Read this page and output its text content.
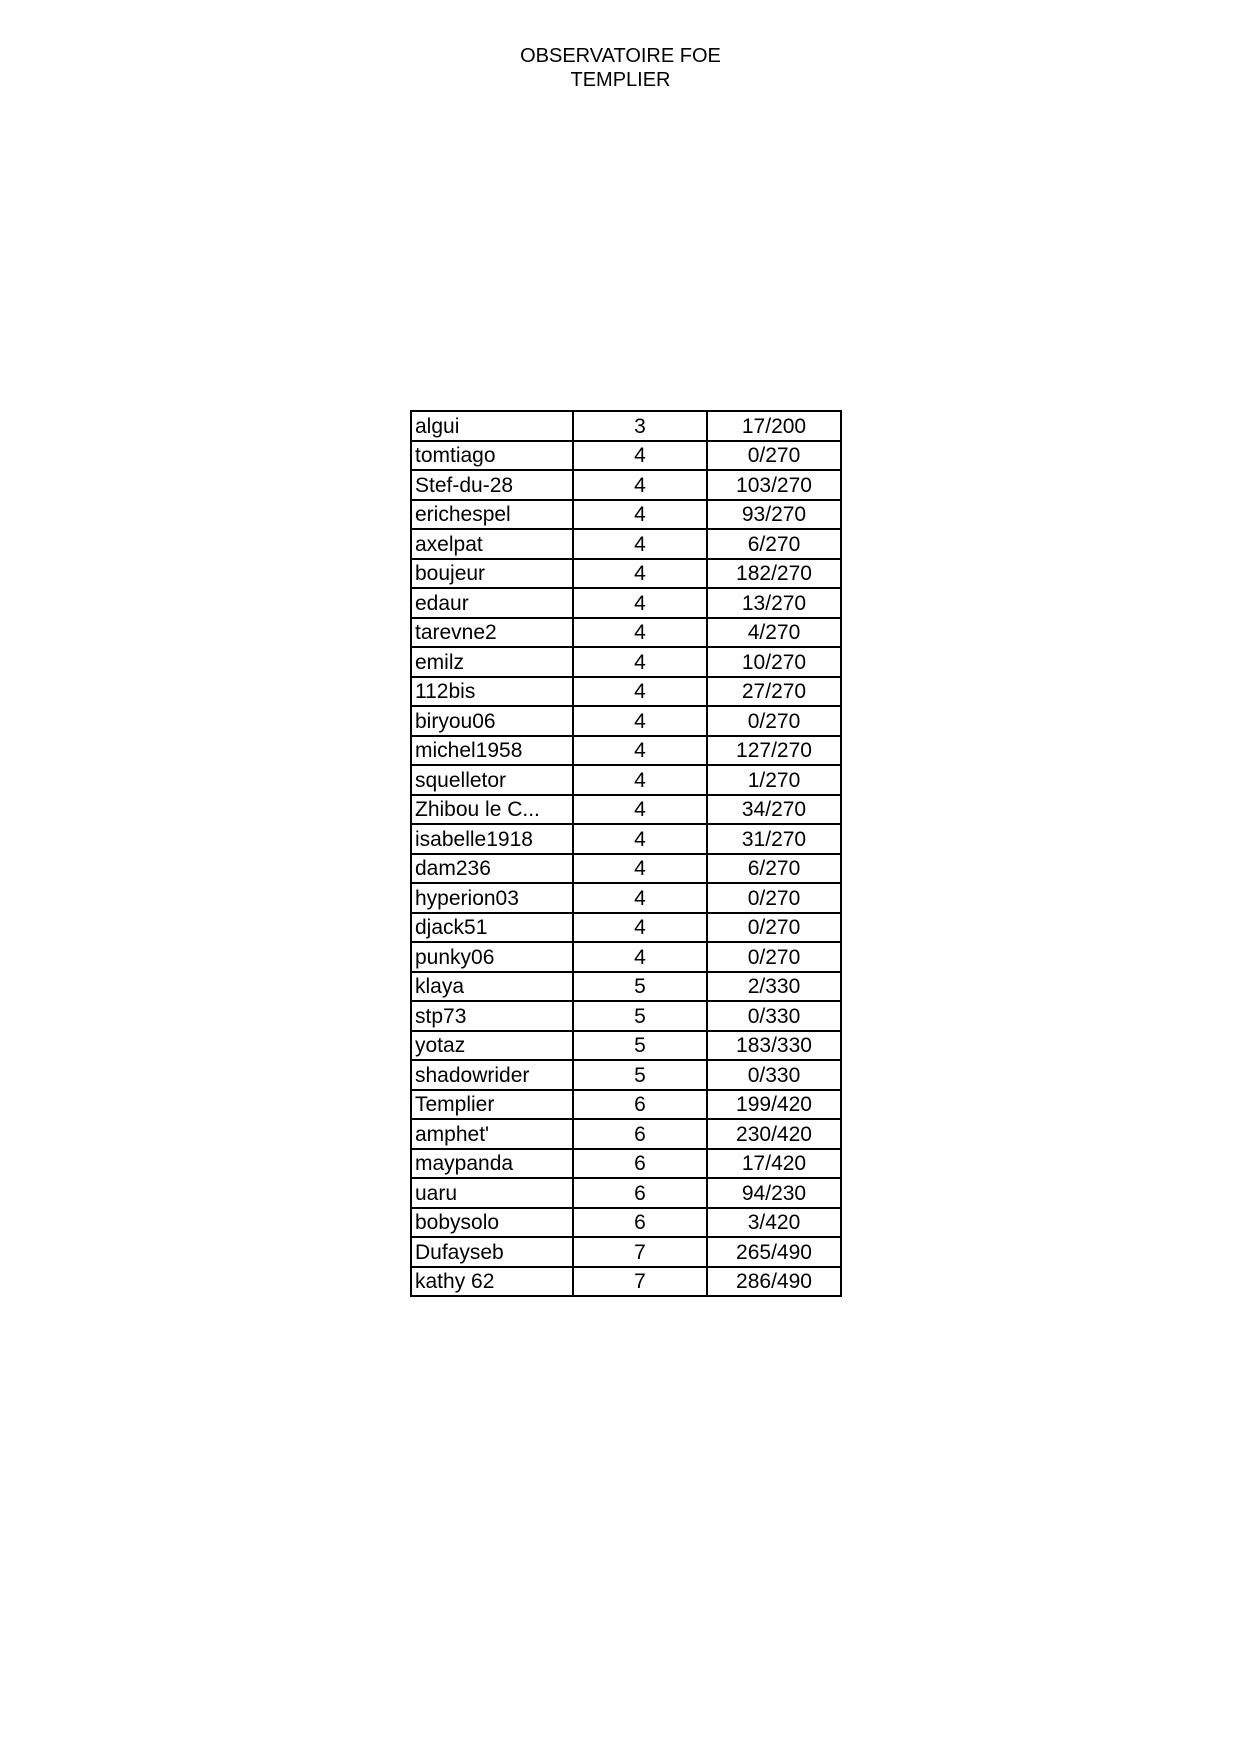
OBSERVATOIRE FOE
TEMPLIER
algui	3	17/200
tomtiago	4	0/270
Stef-du-28	4	103/270
erichespel	4	93/270
axelpat	4	6/270
boujeur	4	182/270
edaur	4	13/270
tarevne2	4	4/270
emilz	4	10/270
112bis	4	27/270
biryou06	4	0/270
michel1958	4	127/270
squelletor	4	1/270
Zhibou le C...	4	34/270
isabelle1918	4	31/270
dam236	4	6/270
hyperion03	4	0/270
djack51	4	0/270
punky06	4	0/270
klaya	5	2/330
stp73	5	0/330
yotaz	5	183/330
shadowrider	5	0/330
Templier	6	199/420
amphet'	6	230/420
maypanda	6	17/420
uaru	6	94/230
bobysolo	6	3/420
Dufayseb	7	265/490
kathy 62	7	286/490
